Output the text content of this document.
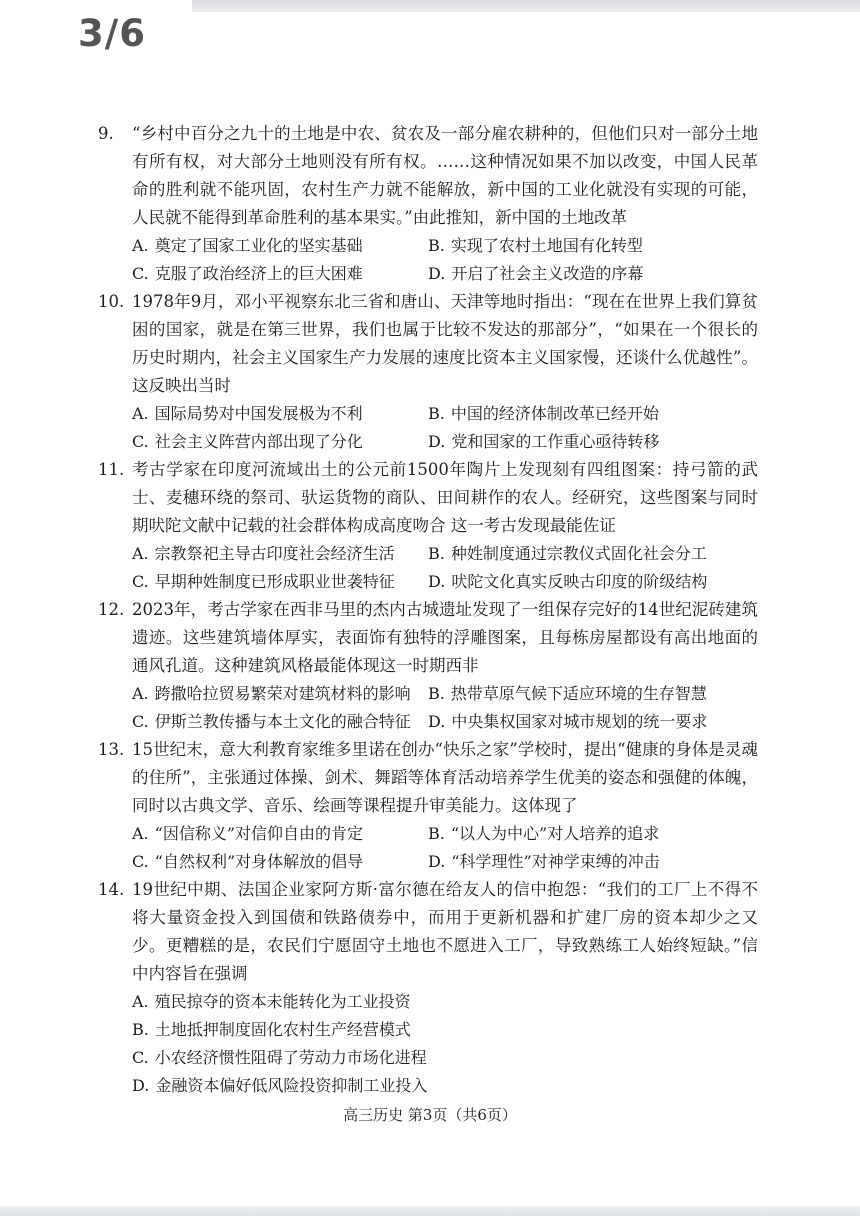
3/6
9.	“乡村中百分之九十的土地是中农、贫农及一部分雇农耕种的，但他们只对一部分土地有所有权，对大部分土地则没有所有权。……这种情况如果不加以改变，中国人民革命的胜利就不能巩固，农村生产力就不能解放，新中国的工业化就没有实现的可能，人民就不能得到革命胜利的基本果实。”由此推知，新中国的土地改革
A. 奠定了国家工业化的坚实基础	B. 实现了农村土地国有化转型
C. 克服了政治经济上的巨大困难	D. 开启了社会主义改造的序幕
10. 1978年9月，邓小平视察东北三省和唐山、天津等地时指出：“现在在世界上我们算贫困的国家，就是在第三世界，我们也属于比较不发达的那部分”，“如果在一个很长的历史时期内，社会主义国家生产力发展的速度比资本主义国家慢，还谈什么优越性”。这反映出当时
A. 国际局势对中国发展极为不利	B. 中国的经济体制改革已经开始
C. 社会主义阵营内部出现了分化	D. 党和国家的工作重心亟待转移
11. 考古学家在印度河流域出土的公元前1500年陶片上发现刻有四组图案：持弓箭的武士、麦穗环绕的祭司、驮运货物的商队、田间耕作的农人。经研究，这些图案与同时期吠陀文献中记载的社会群体构成高度吻合 这一考古发现最能佐证
A. 宗教祭祀主导古印度社会经济生活	B. 种姓制度通过宗教仪式固化社会分工
C. 早期种姓制度已形成职业世袭特征	D. 吠陀文化真实反映古印度的阶级结构
12. 2023年，考古学家在西非马里的杰内古城遗址发现了一组保存完好的14世纪泥砖建筑遗迹。这些建筑墙体厚实，表面饰有独特的浮雕图案，且每栋房屋都设有高出地面的通风孔道。这种建筑风格最能体现这一时期西非
A. 跨撒哈拉贸易繁荣对建筑材料的影响	B. 热带草原气候下适应环境的生存智慧
C. 伊斯兰教传播与本土文化的融合特征	D. 中央集权国家对城市规划的统一要求
13. 15世纪末，意大利教育家维多里诺在创办“快乐之家”学校时，提出“健康的身体是灵魂的住所”，主张通过体操、剑术、舞蹈等体育活动培养学生优美的姿态和强健的体魄，同时以古典文学、音乐、绘画等课程提升审美能力。这体现了
A. “因信称义”对信仰自由的肯定	B. “以人为中心”对人培养的追求
C. “自然权利”对身体解放的倡导	D. “科学理性”对神学束缚的冲击
14. 19世纪中期、法国企业家阿方斯·富尔德在给友人的信中抱怨：“我们的工厂上不得不将大量资金投入到国债和铁路债券中，而用于更新机器和扩建厂房的资本却少之又少。更糟糕的是，农民们宁愿固守土地也不愿进入工厂，导致熟练工人始终短缺。”信中内容旨在强调
A. 殖民掠夺的资本未能转化为工业投资
B. 土地抵押制度固化农村生产经营模式
C. 小农经济惯性阻碍了劳动力市场化进程
D. 金融资本偏好低风险投资抑制工业投入
高三历史 第3页（共6页）
